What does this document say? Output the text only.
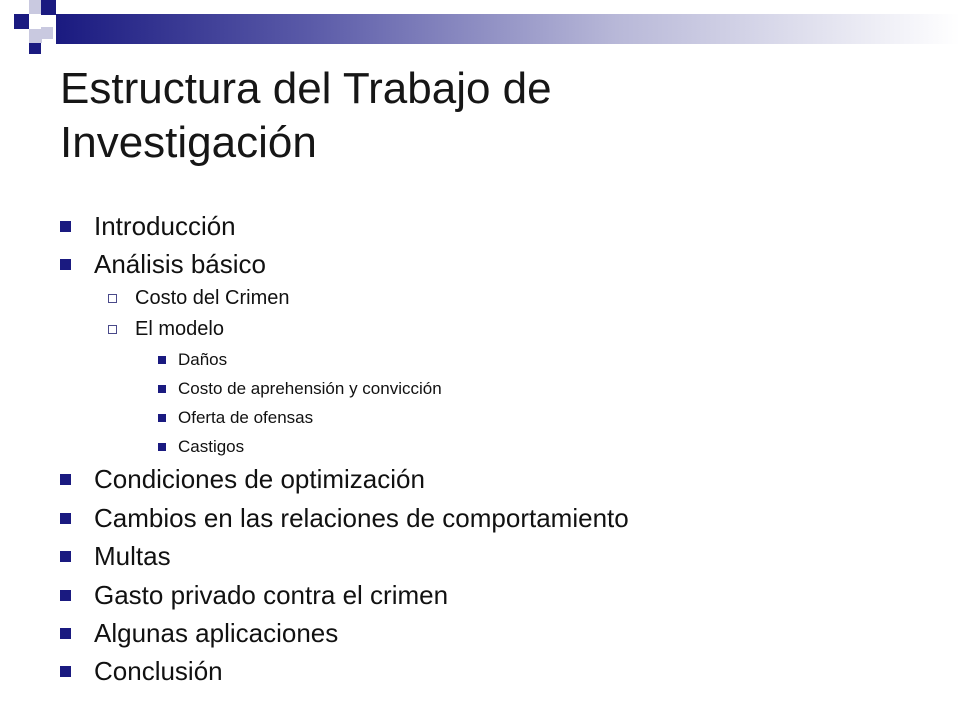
Estructura del Trabajo de
Investigación
Introducción
Análisis básico
Costo del Crimen
El modelo
Daños
Costo de aprehensión y convicción
Oferta de ofensas
Castigos
Condiciones de optimización
Cambios en las relaciones de comportamiento
Multas
Gasto privado contra el crimen
Algunas aplicaciones
Conclusión
